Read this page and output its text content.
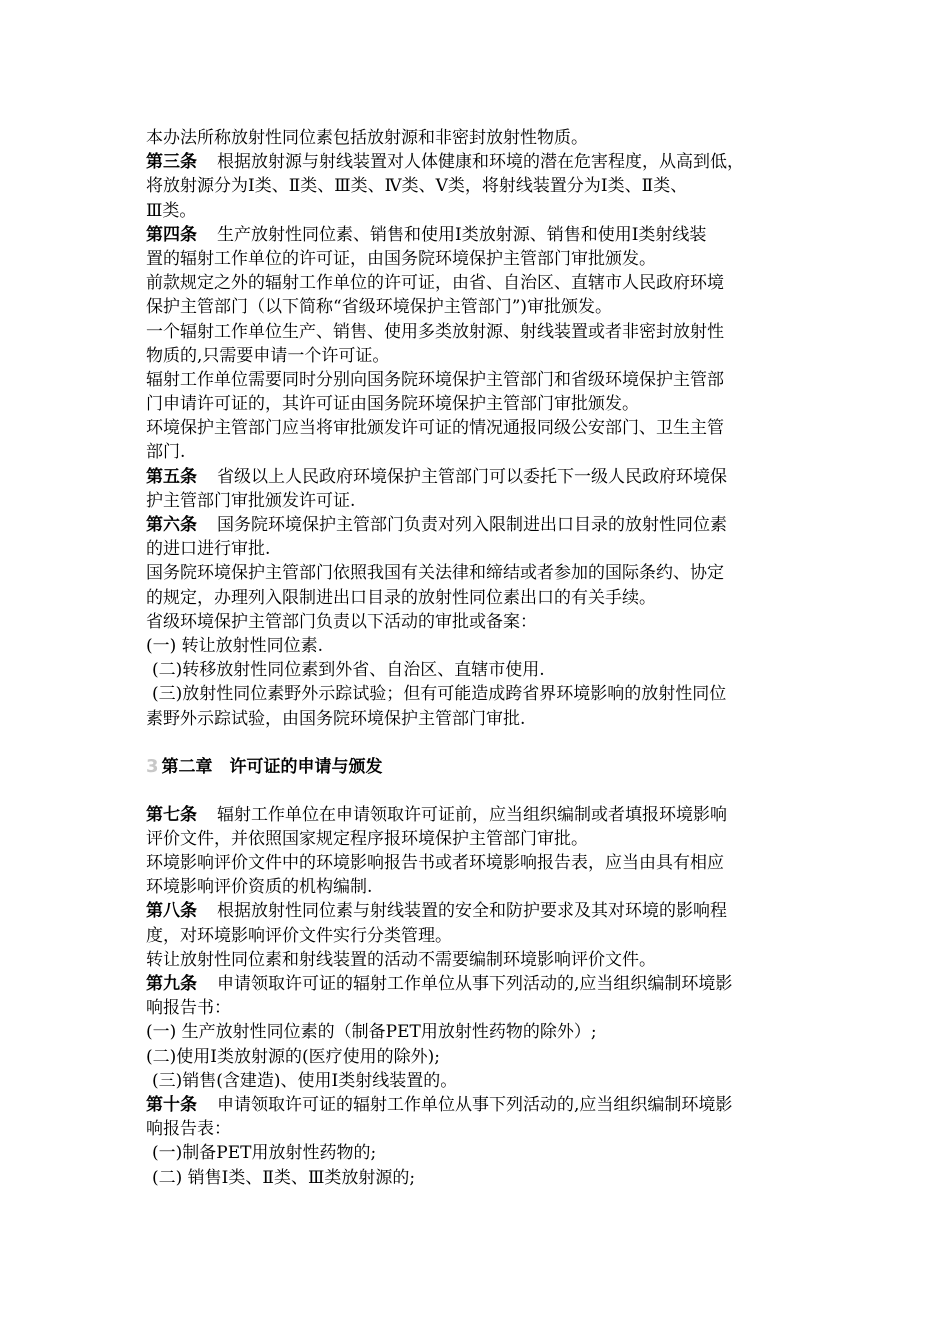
本办法所称放射性同位素包括放射源和非密封放射性物质。
第三条 根据放射源与射线装置对人体健康和环境的潜在危害程度，从高到低，
将放射源分为Ⅰ类、Ⅱ类、Ⅲ类、Ⅳ类、Ⅴ类，将射线装置分为Ⅰ类、Ⅱ类、
Ⅲ类。
第四条 生产放射性同位素、销售和使用Ⅰ类放射源、销售和使用Ⅰ类射线装
置的辐射工作单位的许可证，由国务院环境保护主管部门审批颁发。
前款规定之外的辐射工作单位的许可证，由省、自治区、直辖市人民政府环境
保护主管部门（以下简称“省级环境保护主管部门”)审批颁发。
一个辐射工作单位生产、销售、使用多类放射源、射线装置或者非密封放射性
物质的,只需要申请一个许可证。
辐射工作单位需要同时分别向国务院环境保护主管部门和省级环境保护主管部
门申请许可证的，其许可证由国务院环境保护主管部门审批颁发。
环境保护主管部门应当将审批颁发许可证的情况通报同级公安部门、卫生主管
部门.
第五条 省级以上人民政府环境保护主管部门可以委托下一级人民政府环境保
护主管部门审批颁发许可证.
第六条 国务院环境保护主管部门负责对列入限制进出口目录的放射性同位素
的进口进行审批.
国务院环境保护主管部门依照我国有关法律和缔结或者参加的国际条约、协定
的规定，办理列入限制进出口目录的放射性同位素出口的有关手续。
省级环境保护主管部门负责以下活动的审批或备案：
(一) 转让放射性同位素.
(二)转移放射性同位素到外省、自治区、直辖市使用.
(三)放射性同位素野外示踪试验；但有可能造成跨省界环境影响的放射性同位
素野外示踪试验，由国务院环境保护主管部门审批.
3 第二章　许可证的申请与颁发
第七条 辐射工作单位在申请领取许可证前，应当组织编制或者填报环境影响
评价文件，并依照国家规定程序报环境保护主管部门审批。
环境影响评价文件中的环境影响报告书或者环境影响报告表，应当由具有相应
环境影响评价资质的机构编制.
第八条 根据放射性同位素与射线装置的安全和防护要求及其对环境的影响程
度，对环境影响评价文件实行分类管理。
转让放射性同位素和射线装置的活动不需要编制环境影响评价文件。
第九条 申请领取许可证的辐射工作单位从事下列活动的,应当组织编制环境影
响报告书：
(一) 生产放射性同位素的（制备PET用放射性药物的除外）;
(二)使用Ⅰ类放射源的(医疗使用的除外);
(三)销售(含建造)、使用Ⅰ类射线装置的。
第十条 申请领取许可证的辐射工作单位从事下列活动的,应当组织编制环境影
响报告表：
(一)制备PET用放射性药物的;
(二) 销售Ⅰ类、Ⅱ类、Ⅲ类放射源的;
